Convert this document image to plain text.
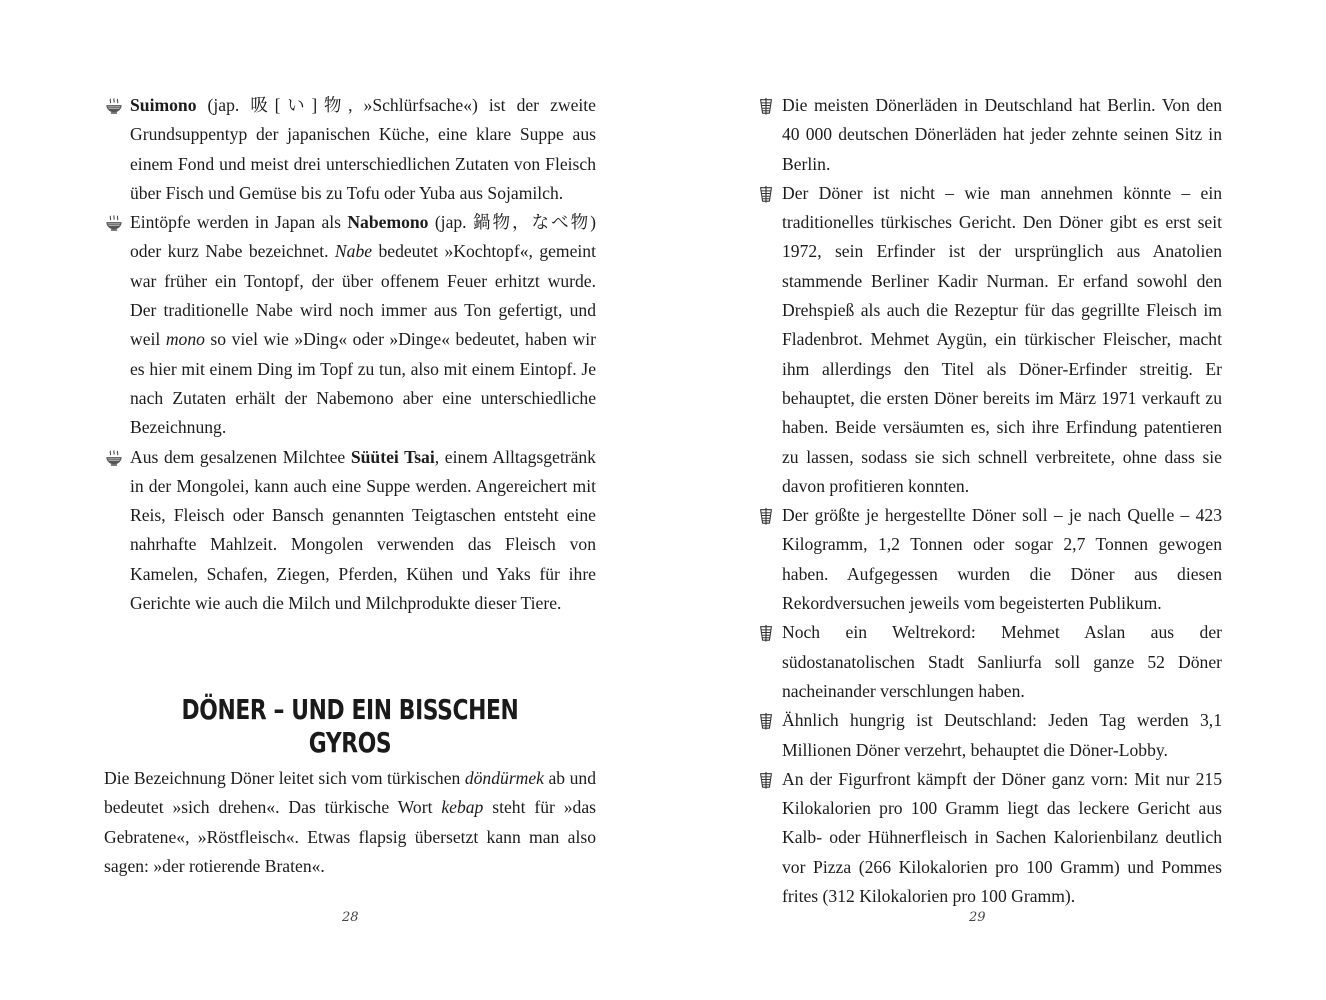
Suimono (jap. 吸[い]物, »Schlürfsache«) ist der zweite Grundsuppentyp der japanischen Küche, eine klare Suppe aus einem Fond und meist drei unterschiedlichen Zutaten von Fleisch über Fisch und Gemüse bis zu Tofu oder Yuba aus Sojamilch.

Eintöpfe werden in Japan als Nabemono (jap. 鍋物，なべ物) oder kurz Nabe bezeichnet. Nabe bedeutet »Kochtopf«, gemeint war früher ein Tontopf, der über offenem Feuer erhitzt wurde. Der traditionelle Nabe wird noch immer aus Ton gefertigt, und weil mono so viel wie »Ding« oder »Dinge« bedeutet, haben wir es hier mit einem Ding im Topf zu tun, also mit einem Eintopf. Je nach Zutaten erhält der Nabemono aber eine unterschiedliche Bezeichnung.

Aus dem gesalzenen Milchtee Süütei Tsai, einem Alltagsgetränk in der Mongolei, kann auch eine Suppe werden. Angereichert mit Reis, Fleisch oder Bansch genannten Teigtaschen entsteht eine nahrhafte Mahlzeit. Mongolen verwenden das Fleisch von Kamelen, Schafen, Ziegen, Pferden, Kühen und Yaks für ihre Gerichte wie auch die Milch und Milchprodukte dieser Tiere.

DÖNER – UND EIN BISSCHEN GYROS

Die Bezeichnung Döner leitet sich vom türkischen döndürmek ab und bedeutet »sich drehen«. Das türkische Wort kebap steht für »das Gebratene«, »Röstfleisch«. Etwas flapsig übersetzt kann man also sagen: »der rotierende Braten«.

28

Die meisten Dönerläden in Deutschland hat Berlin. Von den 40 000 deutschen Dönerläden hat jeder zehnte seinen Sitz in Berlin.

Der Döner ist nicht – wie man annehmen könnte – ein traditionelles türkisches Gericht. Den Döner gibt es erst seit 1972, sein Erfinder ist der ursprünglich aus Anatolien stammende Berliner Kadir Nurman. Er erfand sowohl den Drehspieß als auch die Rezeptur für das gegrillte Fleisch im Fladenbrot. Mehmet Aygün, ein türkischer Fleischer, macht ihm allerdings den Titel als Döner-Erfinder streitig. Er behauptet, die ersten Döner bereits im März 1971 verkauft zu haben. Beide versäumten es, sich ihre Erfindung patentieren zu lassen, sodass sie sich schnell verbreitete, ohne dass sie davon profitieren konnten.

Der größte je hergestellte Döner soll – je nach Quelle – 423 Kilogramm, 1,2 Tonnen oder sogar 2,7 Tonnen gewogen haben. Aufgegessen wurden die Döner aus diesen Rekordversuchen jeweils vom begeisterten Publikum.

Noch ein Weltrekord: Mehmet Aslan aus der südostanatolischen Stadt Sanliurfa soll ganze 52 Döner nacheinander verschlungen haben.

Ähnlich hungrig ist Deutschland: Jeden Tag werden 3,1 Millionen Döner verzehrt, behauptet die Döner-Lobby.

An der Figurfront kämpft der Döner ganz vorn: Mit nur 215 Kilokalorien pro 100 Gramm liegt das leckere Gericht aus Kalb- oder Hühnerfleisch in Sachen Kalorienbilanz deutlich vor Pizza (266 Kilokalorien pro 100 Gramm) und Pommes frites (312 Kilokalorien pro 100 Gramm).

29
